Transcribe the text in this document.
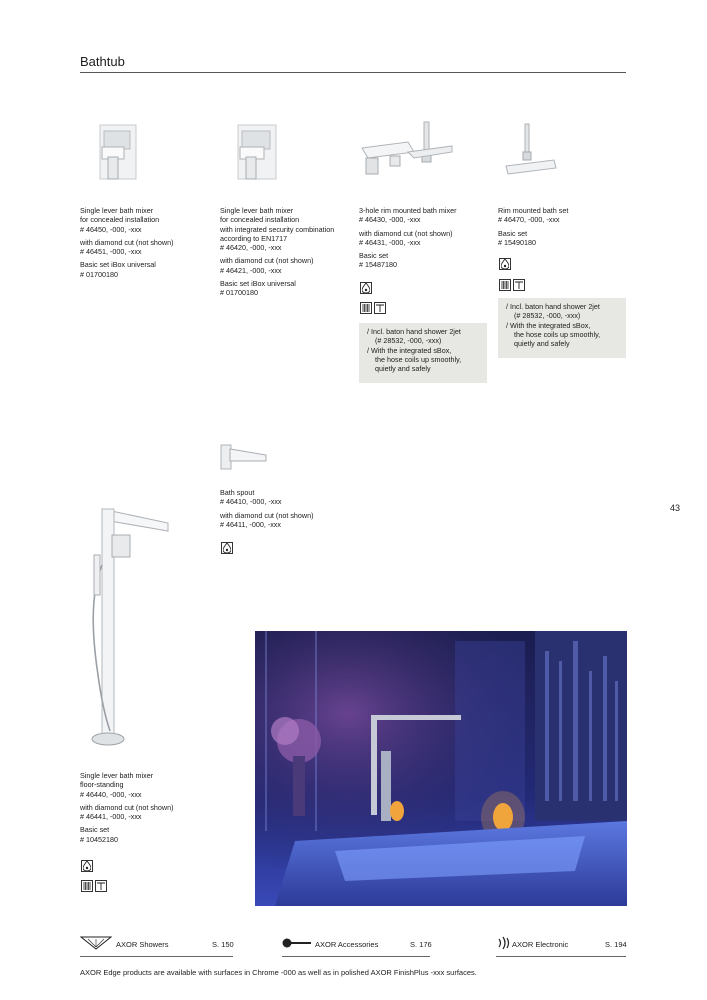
Bathtub
Single lever bath mixer
for concealed installation
# 46450, -000, -xxx
with diamond cut (not shown)
# 46451, -000, -xxx
Basic set iBox universal
# 01700180
Single lever bath mixer
for concealed installation
with integrated security combination
according to EN1717
# 46420, -000, -xxx
with diamond cut (not shown)
# 46421, -000, -xxx
Basic set iBox universal
# 01700180
3-hole rim mounted bath mixer
# 46430, -000, -xxx
with diamond cut (not shown)
# 46431, -000, -xxx
Basic set
# 15487180
Rim mounted bath set
# 46470, -000, -xxx
Basic set
# 15490180
/ Incl. baton hand shower 2jet
(# 28532, -000, -xxx)
/ With the integrated sBox,
the hose coils up smoothly,
quietly and safely
/ Incl. baton hand shower 2jet
(# 28532, -000, -xxx)
/ With the integrated sBox,
the hose coils up smoothly,
quietly and safely
Bath spout
# 46410, -000, -xxx
with diamond cut (not shown)
# 46411, -000, -xxx
43
Single lever bath mixer
floor-standing
# 46440, -000, -xxx
with diamond cut (not shown)
# 46441, -000, -xxx
Basic set
# 10452180
AXOR Showers	S. 150	AXOR Accessories	S. 176	AXOR Electronic	S. 194
AXOR Edge products are available with surfaces in Chrome -000 as well as in polished AXOR FinishPlus -xxx surfaces.
